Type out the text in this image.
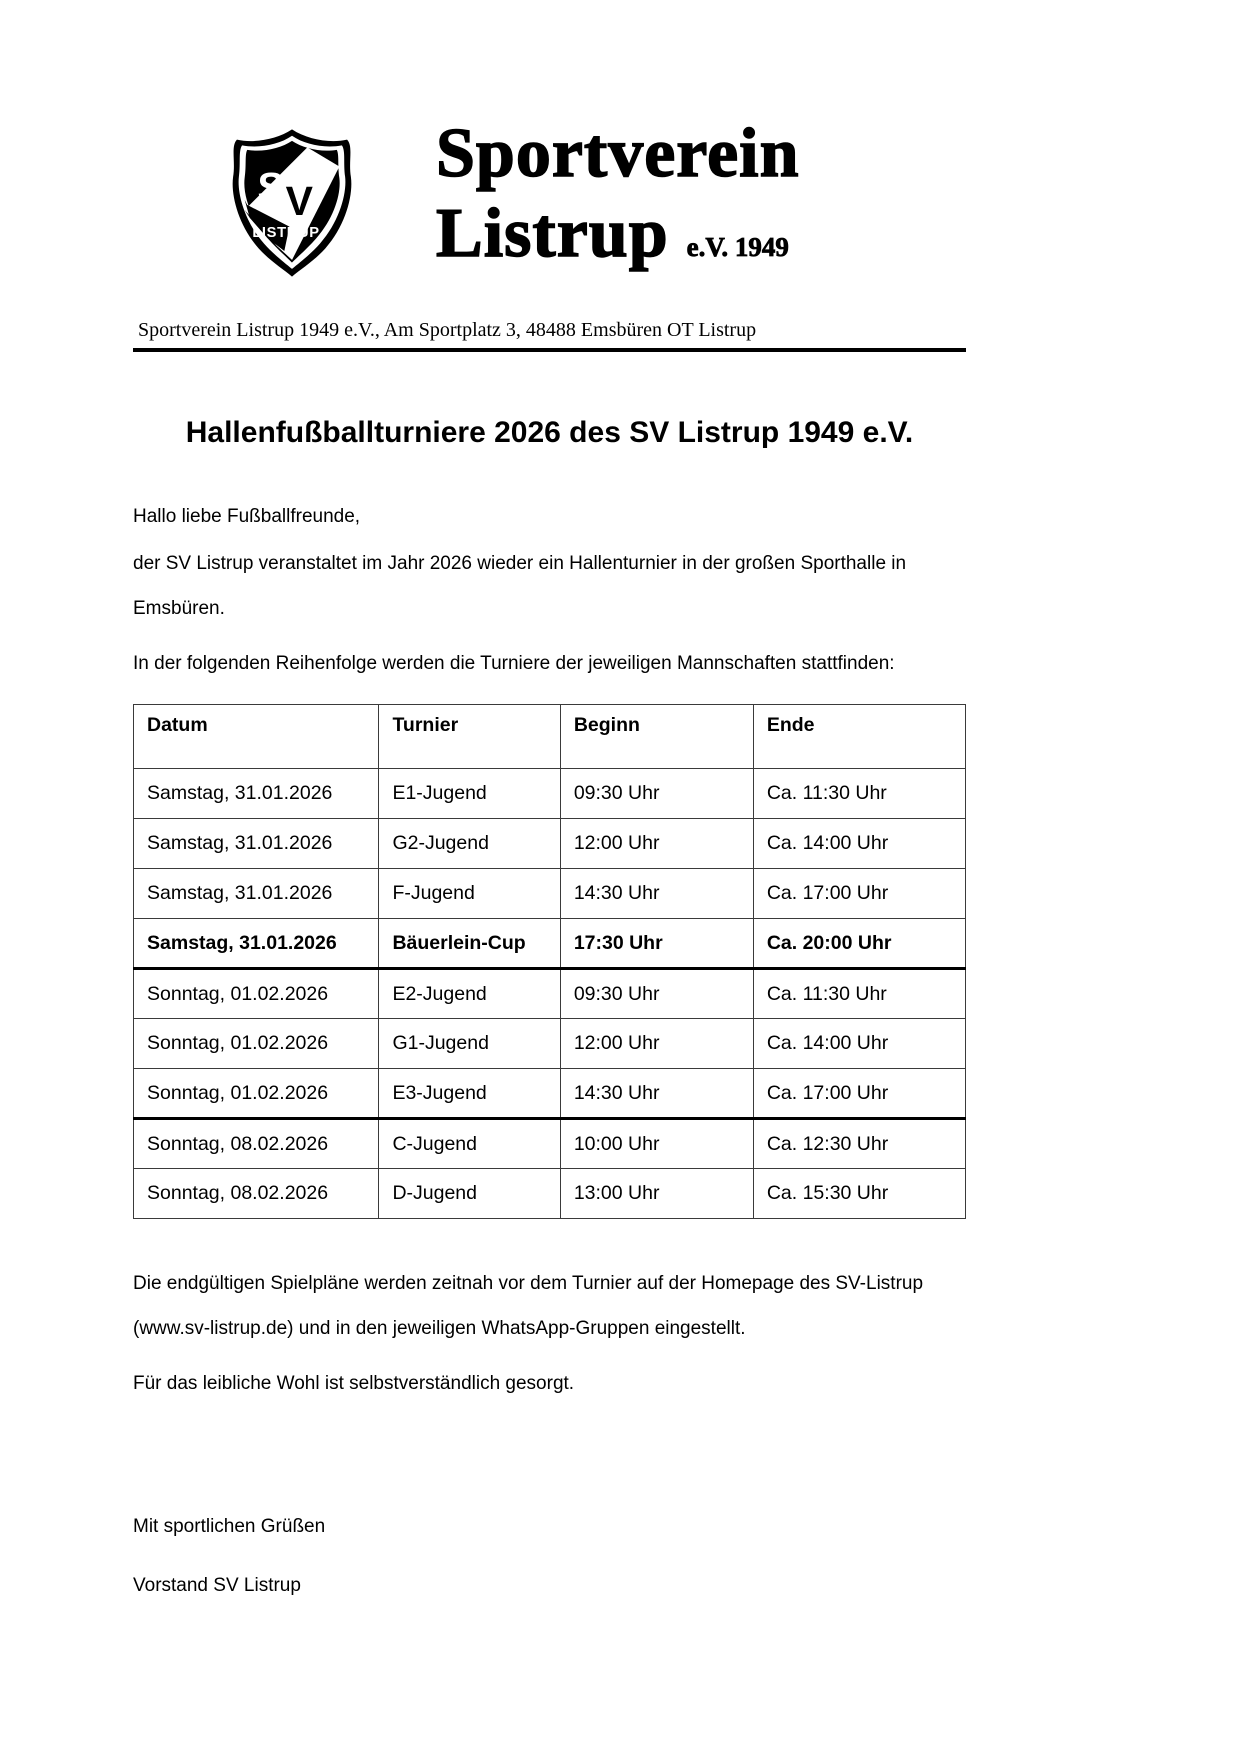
S V
LISTRUP
Sportverein
Listrup e.V. 1949
Sportverein Listrup 1949 e.V., Am Sportplatz 3, 48488 Emsbüren OT Listrup
Hallenfußballturniere 2026 des SV Listrup 1949 e.V.

Hallo liebe Fußballfreunde,

der SV Listrup veranstaltet im Jahr 2026 wieder ein Hallenturnier in der großen Sporthalle in Emsbüren.

In der folgenden Reihenfolge werden die Turniere der jeweiligen Mannschaften stattfinden:

Datum	Turnier	Beginn	Ende
Samstag, 31.01.2026	E1-Jugend	09:30 Uhr	Ca. 11:30 Uhr
Samstag, 31.01.2026	G2-Jugend	12:00 Uhr	Ca. 14:00 Uhr
Samstag, 31.01.2026	F-Jugend	14:30 Uhr	Ca. 17:00 Uhr
Samstag, 31.01.2026	Bäuerlein-Cup	17:30 Uhr	Ca. 20:00 Uhr
Sonntag, 01.02.2026	E2-Jugend	09:30 Uhr	Ca. 11:30 Uhr
Sonntag, 01.02.2026	G1-Jugend	12:00 Uhr	Ca. 14:00 Uhr
Sonntag, 01.02.2026	E3-Jugend	14:30 Uhr	Ca. 17:00 Uhr
Sonntag, 08.02.2026	C-Jugend	10:00 Uhr	Ca. 12:30 Uhr
Sonntag, 08.02.2026	D-Jugend	13:00 Uhr	Ca. 15:30 Uhr

Die endgültigen Spielpläne werden zeitnah vor dem Turnier auf der Homepage des SV-Listrup (www.sv-listrup.de) und in den jeweiligen WhatsApp-Gruppen eingestellt.

Für das leibliche Wohl ist selbstverständlich gesorgt.

Mit sportlichen Grüßen

Vorstand SV Listrup
